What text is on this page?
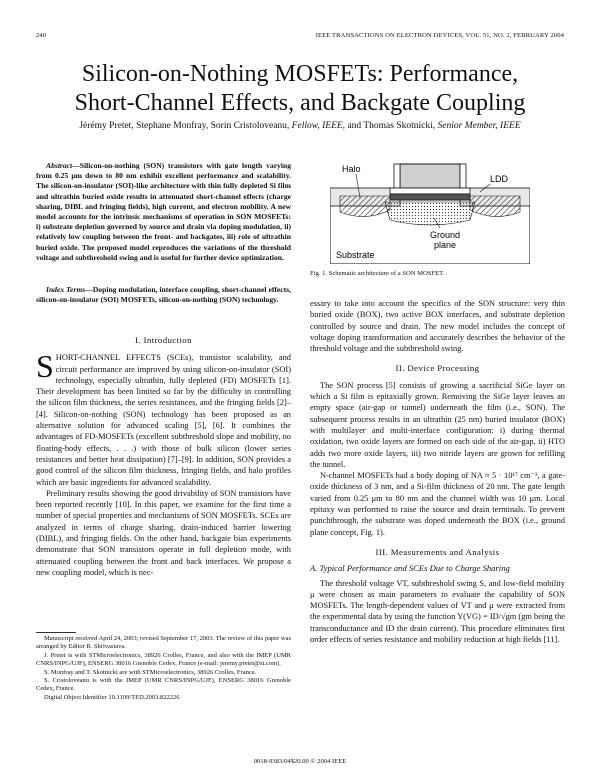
240	IEEE TRANSACTIONS ON ELECTRON DEVICES, VOL. 51, NO. 2, FEBRUARY 2004
Silicon-on-Nothing MOSFETs: Performance,
Short-Channel Effects, and Backgate Coupling
Jérémy Pretet, Stephane Monfray, Sorin Cristoloveanu, Fellow, IEEE, and Thomas Skotnicki, Senior Member, IEEE

Abstract—Silicon-on-nothing (SON) transistors with gate length varying from 0.25 μm down to 80 nm exhibit excellent performance and scalability. The silicon-on-insulator (SOI)-like architecture with thin fully depleted Si film and ultrathin buried oxide results in attenuated short-channel effects (charge sharing, DIBL and fringing fields), high current, and electron mobility. A new model accounts for the intrinsic mechanisms of operation in SON MOSFETs: i) substrate depletion governed by source and drain via doping modulation, ii) relatively low coupling between the front- and backgates, iii) role of ultrathin buried oxide. The proposed model reproduces the variations of the threshold voltage and subthreshold swing and is useful for further device optimization.

Index Terms—Doping modulation, interface coupling, short-channel effects, silicon-on-insulator (SOI) MOSFETs, silicon-on-nothing (SON) technology.

I. Introduction

SHORT-CHANNEL EFFECTS (SCEs), transistor scalability, and circuit performance are improved by using silicon-on-insulator (SOI) technology, especially ultrathin, fully depleted (FD) MOSFETs [1]. Their development has been limited so far by the difficulty in controlling the silicon film thickness, the series resistances, and the fringing fields [2]–[4]. Silicon-on-nothing (SON) technology has been proposed as an alternative solution for advanced scaling [5], [6]. It combines the advantages of FD-MOSFETs (excellent subthreshold slope and mobility, no floating-body effects, . . .) with those of bulk silicon (lower series resistances and better heat dissipation) [7]–[9]. In addition, SON provides a good control of the silicon film thickness, fringing fields, and halo profiles which are basic ingredients for advanced scalability.

Preliminary results showing the good drivability of SON transistors have been reported recently [10]. In this paper, we examine for the first time a number of special properties and mechanisms of SON MOSFETs. SCEs are analyzed in terms of charge sharing, drain-induced barrier lowering (DIBL), and fringing fields. On the other hand, backgate bias experiments demonstrate that SON transistors operate in full depletion mode, with attenuated coupling between the front and back interfaces. We propose a new coupling model, which is nec-

Manuscript received April 24, 2003; revised September 17, 2003. The review of this paper was arranged by Editor R. Shrivastava.

J. Pretet is with STMicroelectronics, 38926 Crolles, France, and also with the IMEP (UMR CNRS/INPG/UJF), ENSERG 38016 Grenoble Cedex, France (e-mail: jeremy.pretet@st.com).

S. Monfray and T. Skotnicki are with STMicroelectronics, 38926 Crolles, France.

S. Cristoloveanu is with the IMEP (UMR CNRS/INPG/UJF), ENSERG 38016 Grenoble Cedex, France.

Digital Object Identifier 10.1109/TED.2003.822226

Halo
LDD
Ground
plane
Substrate
Fig. 1. Schematic architecture of a SON MOSFET.

essary to take into account the specifics of the SON structure: very thin buried oxide (BOX), two active BOX interfaces, and substrate depletion controlled by source and drain. The new model includes the concept of voltage doping transformation and accurately describes the behavior of the threshold voltage and the subthreshold swing.

II. Device Processing

The SON process [5] consists of growing a sacrificial SiGe layer on which a Si film is epitaxially grown. Removing the SiGe layer leaves an empty space (air-gap or tunnel) underneath the film (i.e., SON). The subsequent process results in an ultrathin (25 nm) buried insulator (BOX) with multilayer and multi-interface configuration: i) during thermal oxidation, two oxide layers are formed on each side of the air-gap, ii) HTO adds two more oxide layers, iii) two nitride layers are grown for refilling the tunnel.

N-channel MOSFETs had a body doping of NA ≈ 5 · 10¹⁷ cm⁻³, a gate-oxide thickness of 3 nm, and a Si-film thickness of 20 nm. The gate length varied from 0.25 μm to 80 nm and the channel width was 10 μm. Local epitaxy was performed to raise the source and drain terminals. To prevent punchthrough, the substrate was doped underneath the BOX (i.e., ground plane concept, Fig. 1).

III. Measurements and Analysis

A. Typical Performance and SCEs Due to Charge Sharing

The threshold voltage VT, subthreshold swing S, and low-field mobility μ were chosen as main parameters to evaluate the capability of SON MOSFETs. The length-dependent values of VT and μ were extracted from the experimental data by using the function Y(VG) = ID/√gm (gm being the transconductance and ID the drain current). This procedure eliminates first order effects of series resistance and mobility reduction at high fields [11].

0018-9383/04$20.00 © 2004 IEEE
